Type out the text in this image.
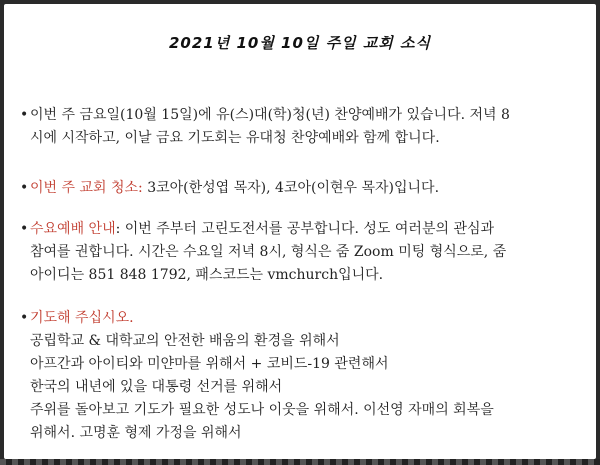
2021년 10월 10일 주일 교회 소식
• 이번 주 금요일(10월 15일)에 유(스)대(학)청(년) 찬양예배가 있습니다. 저녁 8
시에 시작하고, 이날 금요 기도회는 유대청 찬양예배와 함께 합니다.
• 이번 주 교회 청소: 3코아(한성엽 목자), 4코아(이현우 목자)입니다.
• 수요예배 안내: 이번 주부터 고린도전서를 공부합니다. 성도 여러분의 관심과
참여를 권합니다. 시간은 수요일 저녁 8시, 형식은 줌 Zoom 미팅 형식으로, 줌
아이디는 851 848 1792, 패스코드는 vmchurch입니다.
• 기도해 주십시오.
공립학교 & 대학교의 안전한 배움의 환경을 위해서
아프간과 아이티와 미얀마를 위해서 + 코비드-19 관련해서
한국의 내년에 있을 대통령 선거를 위해서
주위를 돌아보고 기도가 필요한 성도나 이웃을 위해서. 이선영 자매의 회복을
위해서. 고명훈 형제 가정을 위해서
